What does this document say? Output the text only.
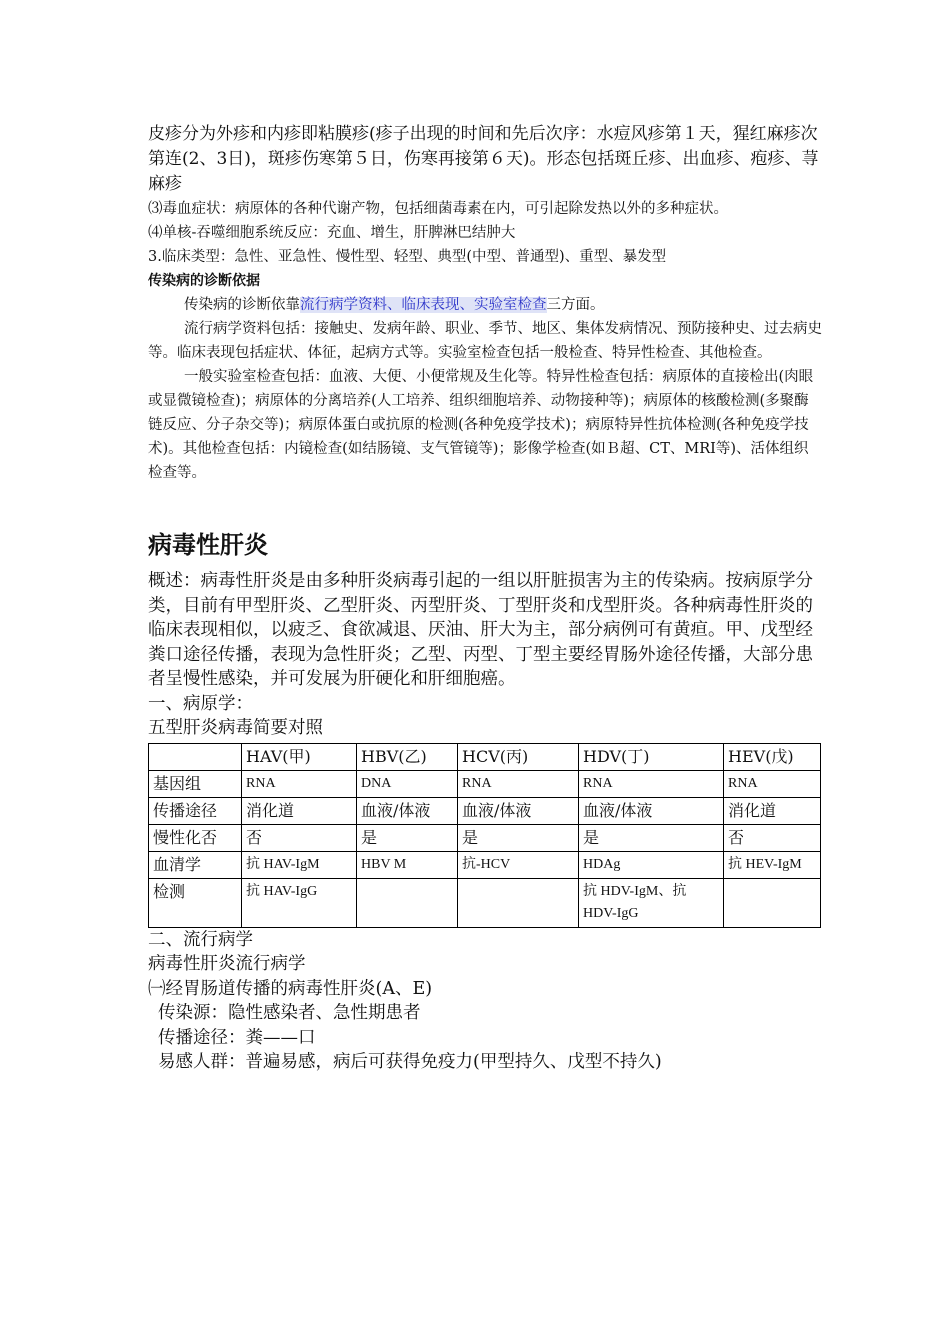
皮疹分为外疹和内疹即粘膜疹(疹子出现的时间和先后次序：水痘风疹第１天，猩红麻疹次第连(2、3日)，斑疹伤寒第５日，伤寒再接第６天)。形态包括斑丘疹、出血疹、疱疹、荨麻疹

⑶毒血症状：病原体的各种代谢产物，包括细菌毒素在内，可引起除发热以外的多种症状。

⑷单核-吞噬细胞系统反应：充血、增生，肝脾淋巴结肿大

3.临床类型：急性、亚急性、慢性型、轻型、典型(中型、普通型)、重型、暴发型

传染病的诊断依据

传染病的诊断依靠流行病学资料、临床表现、实验室检查三方面。

流行病学资料包括：接触史、发病年龄、职业、季节、地区、集体发病情况、预防接种史、过去病史等。临床表现包括症状、体征，起病方式等。实验室检查包括一般检查、特异性检查、其他检查。

一般实验室检查包括：血液、大便、小便常规及生化等。特异性检查包括：病原体的直接检出(肉眼或显微镜检查)；病原体的分离培养(人工培养、组织细胞培养、动物接种等)；病原体的核酸检测(多聚酶链反应、分子杂交等)；病原体蛋白或抗原的检测(各种免疫学技术)；病原特异性抗体检测(各种免疫学技术)。其他检查包括：内镜检查(如结肠镜、支气管镜等)；影像学检查(如Ｂ超、CT、MRI等)、活体组织检查等。

病毒性肝炎

概述：病毒性肝炎是由多种肝炎病毒引起的一组以肝脏损害为主的传染病。按病原学分类，目前有甲型肝炎、乙型肝炎、丙型肝炎、丁型肝炎和戊型肝炎。各种病毒性肝炎的临床表现相似，以疲乏、食欲减退、厌油、肝大为主，部分病例可有黄疸。甲、戊型经粪口途径传播，表现为急性肝炎；乙型、丙型、丁型主要经胃肠外途径传播，大部分患者呈慢性感染，并可发展为肝硬化和肝细胞癌。

一、病原学：

五型肝炎病毒简要对照

	HAV(甲)	HBV(乙)	HCV(丙)	HDV(丁)	HEV(戊)
基因组	RNA	DNA	RNA	RNA	RNA
传播途径	消化道	血液/体液	血液/体液	血液/体液	消化道
慢性化否	否	是	是	是	否
血清学	抗 HAV-IgM	HBV M	抗-HCV	HDAg	抗 HEV-IgM
检测	抗 HAV-IgG			抗 HDV-IgM、抗 HDV-IgG	

二、流行病学

病毒性肝炎流行病学

㈠经胃肠道传播的病毒性肝炎(A、E)

传染源：隐性感染者、急性期患者

传播途径：粪——口

易感人群：普遍易感，病后可获得免疫力(甲型持久、戊型不持久)
